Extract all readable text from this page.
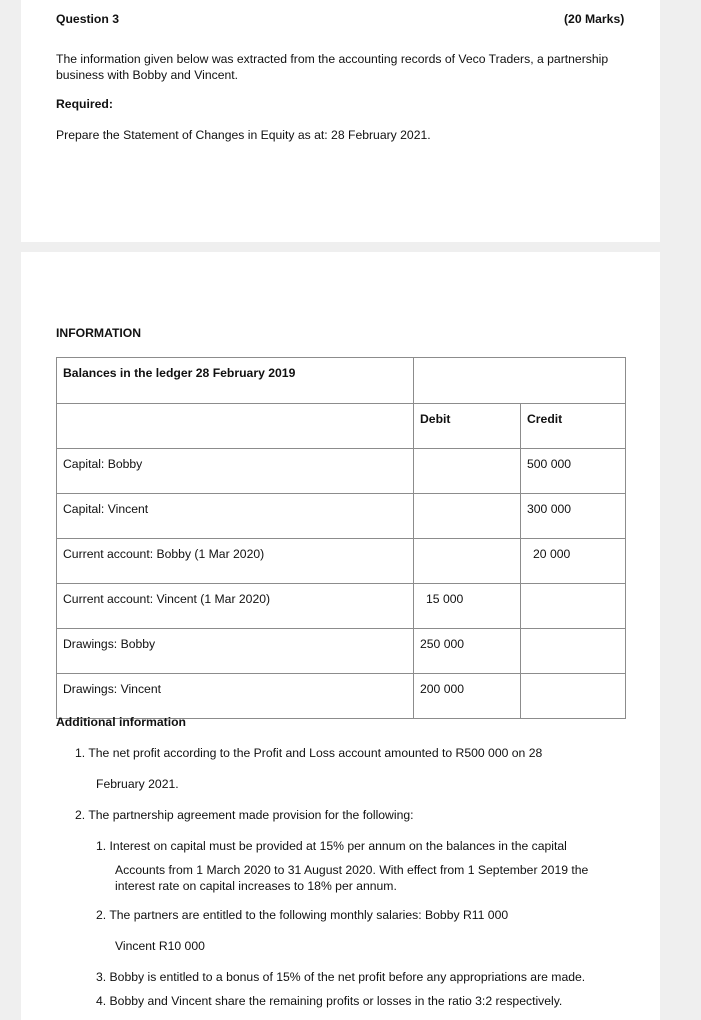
Question 3	(20 Marks)
The information given below was extracted from the accounting records of Veco Traders, a partnership
business with Bobby and Vincent.
Required:
Prepare the Statement of Changes in Equity as at: 28 February 2021.
INFORMATION
Balances in the ledger 28 February 2019		

	Debit	Credit

Capital: Bobby		500 000

Capital: Vincent		300 000

Current account: Bobby (1 Mar 2020)		20 000

Current account: Vincent (1 Mar 2020)	15 000	

Drawings: Bobby	250 000	

Drawings: Vincent	200 000	

Additional information
1. The net profit according to the Profit and Loss account amounted to R500 000 on 28
February 2021.
2. The partnership agreement made provision for the following:
1. Interest on capital must be provided at 15% per annum on the balances in the capital
Accounts from 1 March 2020 to 31 August 2020. With effect from 1 September 2019 the
interest rate on capital increases to 18% per annum.
2. The partners are entitled to the following monthly salaries: Bobby R11 000
Vincent R10 000
3. Bobby is entitled to a bonus of 15% of the net profit before any appropriations are made.
4. Bobby and Vincent share the remaining profits or losses in the ratio 3:2 respectively.
